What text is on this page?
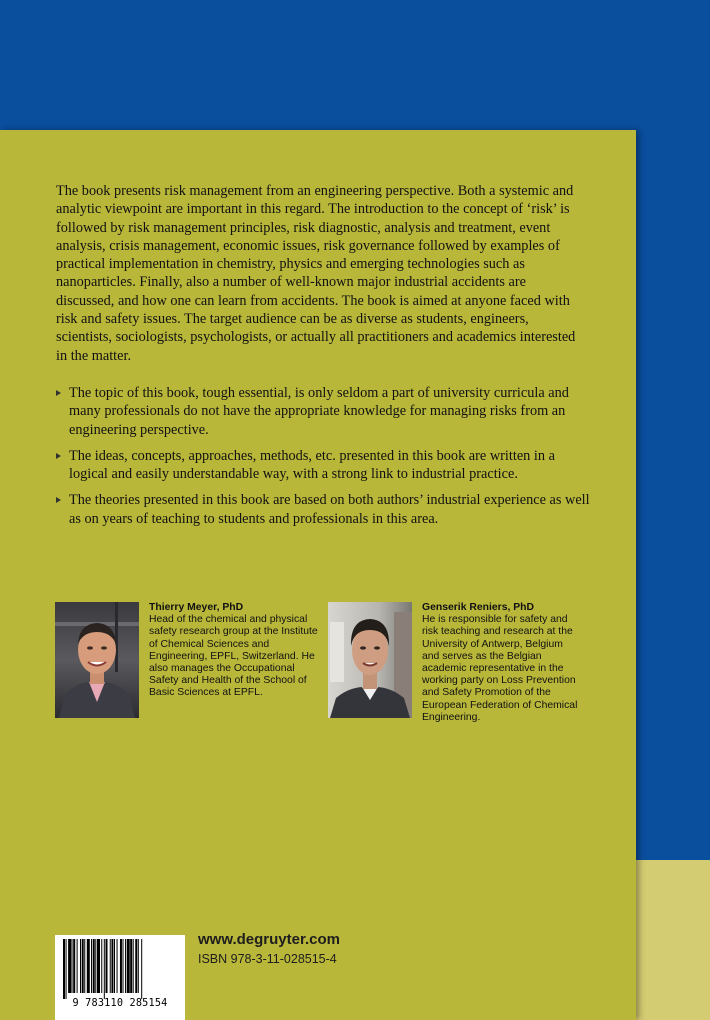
The book presents risk management from an engineering perspective. Both a systemic and analytic viewpoint are important in this regard. The introduction to the concept of ‘risk’ is followed by risk management principles, risk diagnostic, analysis and treatment, event analysis, crisis management, economic issues, risk governance followed by examples of practical implementation in chemistry, physics and emerging technologies such as nanoparticles. Finally, also a number of well-known major industrial accidents are discussed, and how one can learn from accidents. The book is aimed at anyone faced with risk and safety issues. The target audience can be as diverse as students, engineers, scientists, sociologists, psychologists, or actually all practitioners and academics interested in the matter.

The topic of this book, tough essential, is only seldom a part of university curricula and many professionals do not have the appropriate knowledge for managing risks from an engineering perspective.
The ideas, concepts, approaches, methods, etc. presented in this book are written in a logical and easily understandable way, with a strong link to industrial practice.
The theories presented in this book are based on both authors’ industrial experience as well as on years of teaching to students and professionals in this area.

Thierry Meyer, PhD
Head of the chemical and physical safety research group at the Institute of Chemical Sciences and Engineering, EPFL, Switzerland. He also manages the Occupational Safety and Health of the School of Basic Sciences at EPFL.

Genserik Reniers, PhD
He is responsible for safety and risk teaching and research at the University of Antwerp, Belgium and serves as the Belgian academic representative in the working party on Loss Prevention and Safety Promotion of the European Federation of Chemical Engineering.

9 783110 285154
www.degruyter.com
ISBN 978-3-11-028515-4
